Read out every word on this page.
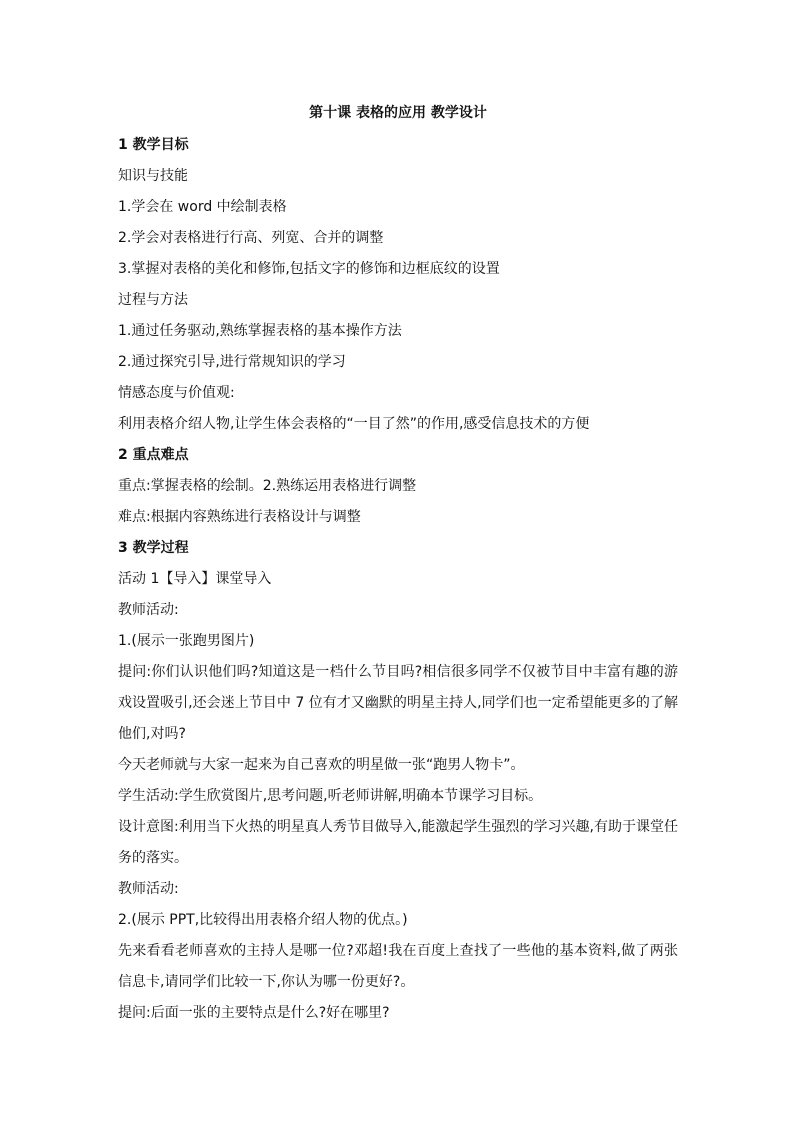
第十课 表格的应用 教学设计

1 教学目标

知识与技能

1.学会在 word 中绘制表格

2.学会对表格进行行高、列宽、合并的调整

3.掌握对表格的美化和修饰,包括文字的修饰和边框底纹的设置

过程与方法

1.通过任务驱动,熟练掌握表格的基本操作方法

2.通过探究引导,进行常规知识的学习

情感态度与价值观:

利用表格介绍人物,让学生体会表格的“一目了然”的作用,感受信息技术的方便

2 重点难点

重点:掌握表格的绘制。2.熟练运用表格进行调整

难点:根据内容熟练进行表格设计与调整

3 教学过程

活动 1【导入】课堂导入

教师活动:

1.(展示一张跑男图片)

提问:你们认识他们吗?知道这是一档什么节目吗?相信很多同学不仅被节目中丰富有趣的游戏设置吸引,还会迷上节目中 7 位有才又幽默的明星主持人,同学们也一定希望能更多的了解他们,对吗?

今天老师就与大家一起来为自己喜欢的明星做一张“跑男人物卡”。

学生活动:学生欣赏图片,思考问题,听老师讲解,明确本节课学习目标。

设计意图:利用当下火热的明星真人秀节目做导入,能激起学生强烈的学习兴趣,有助于课堂任务的落实。

教师活动:

2.(展示 PPT,比较得出用表格介绍人物的优点。)

先来看看老师喜欢的主持人是哪一位?邓超!我在百度上查找了一些他的基本资料,做了两张信息卡,请同学们比较一下,你认为哪一份更好?。

提问:后面一张的主要特点是什么?好在哪里?
